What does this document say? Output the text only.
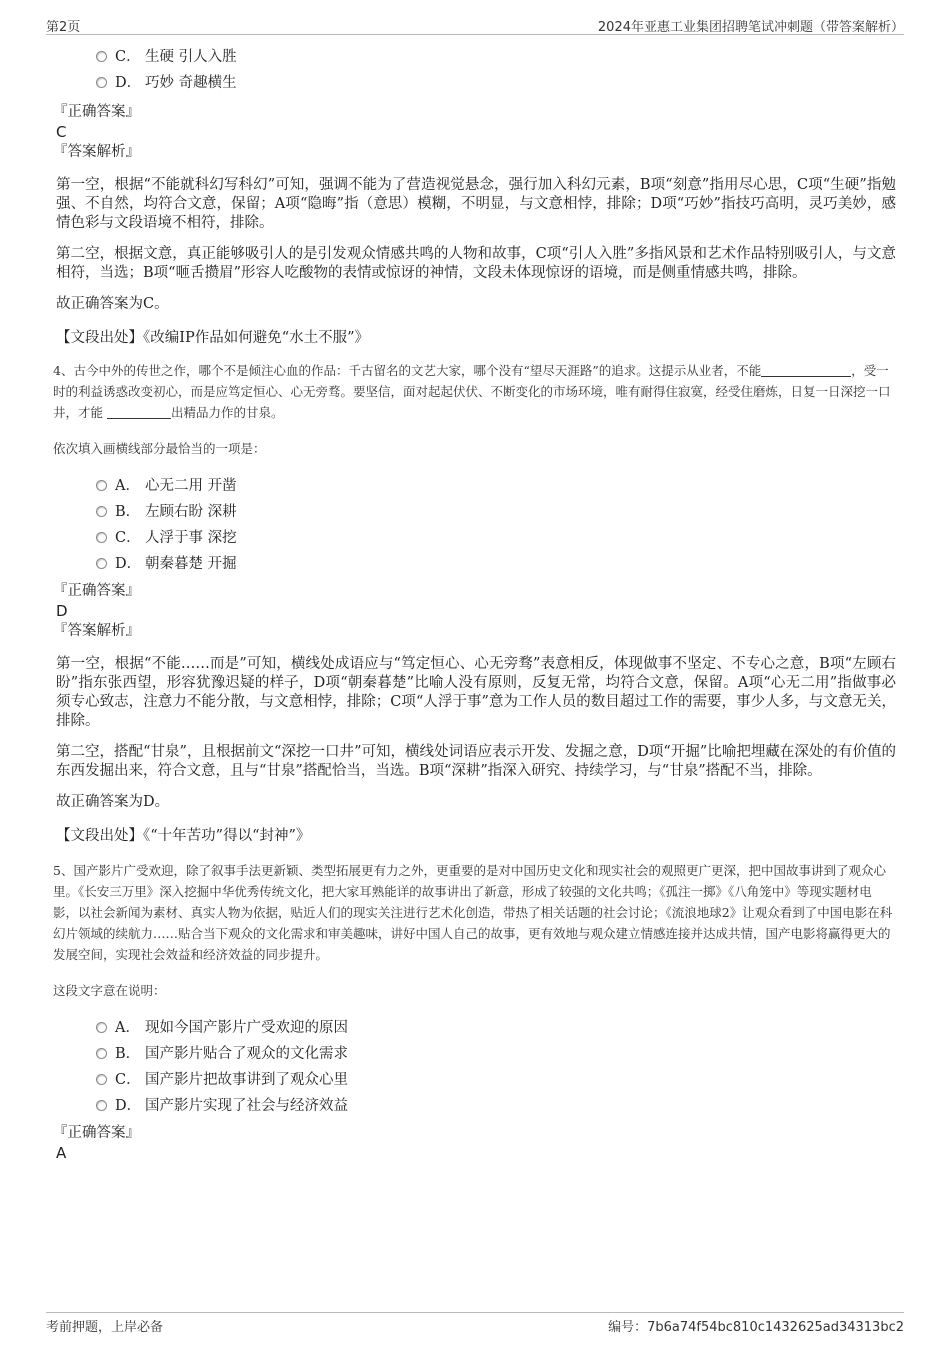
第2页	2024年亚惠工业集团招聘笔试冲刺题（带答案解析）
C． 生硬 引人入胜
D． 巧妙 奇趣横生
『正确答案』
C
『答案解析』

第一空，根据“不能就科幻写科幻”可知，强调不能为了营造视觉悬念，强行加入科幻元素，B项“刻意”指用尽心思，C项“生硬”指勉强、不自然，均符合文意，保留；A项“隐晦”指（意思）模糊，不明显，与文意相悖，排除；D项“巧妙”指技巧高明，灵巧美妙，感情色彩与文段语境不相符，排除。

第二空，根据文意，真正能够吸引人的是引发观众情感共鸣的人物和故事，C项“引人入胜”多指风景和艺术作品特别吸引人，与文意相符，当选；B项“咂舌攒眉”形容人吃酸物的表情或惊讶的神情，文段未体现惊讶的语境，而是侧重情感共鸣，排除。

故正确答案为C。

【文段出处】《改编IP作品如何避免“水土不服”》
4、古今中外的传世之作，哪个不是倾注心血的作品：千古留名的文艺大家，哪个没有“望尽天涯路”的追求。这提示从业者，不能	，受一时的利益诱惑改变初心，而是应笃定恒心、心无旁骛。要坚信，面对起起伏伏、不断变化的市场环境，唯有耐得住寂寞，经受住磨炼，日复一日深挖一口井，才能	出精品力作的甘泉。
依次填入画横线部分最恰当的一项是：
A． 心无二用 开凿
B． 左顾右盼 深耕
C． 人浮于事 深挖
D． 朝秦暮楚 开掘
『正确答案』
D
『答案解析』

第一空，根据“不能……而是”可知，横线处成语应与“笃定恒心、心无旁骛”表意相反，体现做事不坚定、不专心之意，B项“左顾右盼”指东张西望，形容犹豫迟疑的样子，D项“朝秦暮楚”比喻人没有原则，反复无常，均符合文意，保留。A项“心无二用”指做事必须专心致志，注意力不能分散，与文意相悖，排除；C项“人浮于事”意为工作人员的数目超过工作的需要，事少人多，与文意无关，排除。

第二空，搭配“甘泉”，且根据前文“深挖一口井”可知，横线处词语应表示开发、发掘之意，D项“开掘”比喻把埋藏在深处的有价值的东西发掘出来，符合文意，且与“甘泉”搭配恰当，当选。B项“深耕”指深入研究、持续学习，与“甘泉”搭配不当，排除。

故正确答案为D。

【文段出处】《“十年苦功”得以“封神”》
5、国产影片广受欢迎，除了叙事手法更新颖、类型拓展更有力之外，更重要的是对中国历史文化和现实社会的观照更广更深，把中国故事讲到了观众心里。《长安三万里》深入挖掘中华优秀传统文化，把大家耳熟能详的故事讲出了新意，形成了较强的文化共鸣；《孤注一掷》《八角笼中》等现实题材电影，以社会新闻为素材、真实人物为依据，贴近人们的现实关注进行艺术化创造，带热了相关话题的社会讨论；《流浪地球2》让观众看到了中国电影在科幻片领域的续航力……贴合当下观众的文化需求和审美趣味，讲好中国人自己的故事，更有效地与观众建立情感连接并达成共情，国产电影将赢得更大的发展空间，实现社会效益和经济效益的同步提升。
这段文字意在说明：
A． 现如今国产影片广受欢迎的原因
B． 国产影片贴合了观众的文化需求
C． 国产影片把故事讲到了观众心里
D． 国产影片实现了社会与经济效益
『正确答案』
A
考前押题，上岸必备	编号：7b6a74f54bc810c1432625ad34313bc2
